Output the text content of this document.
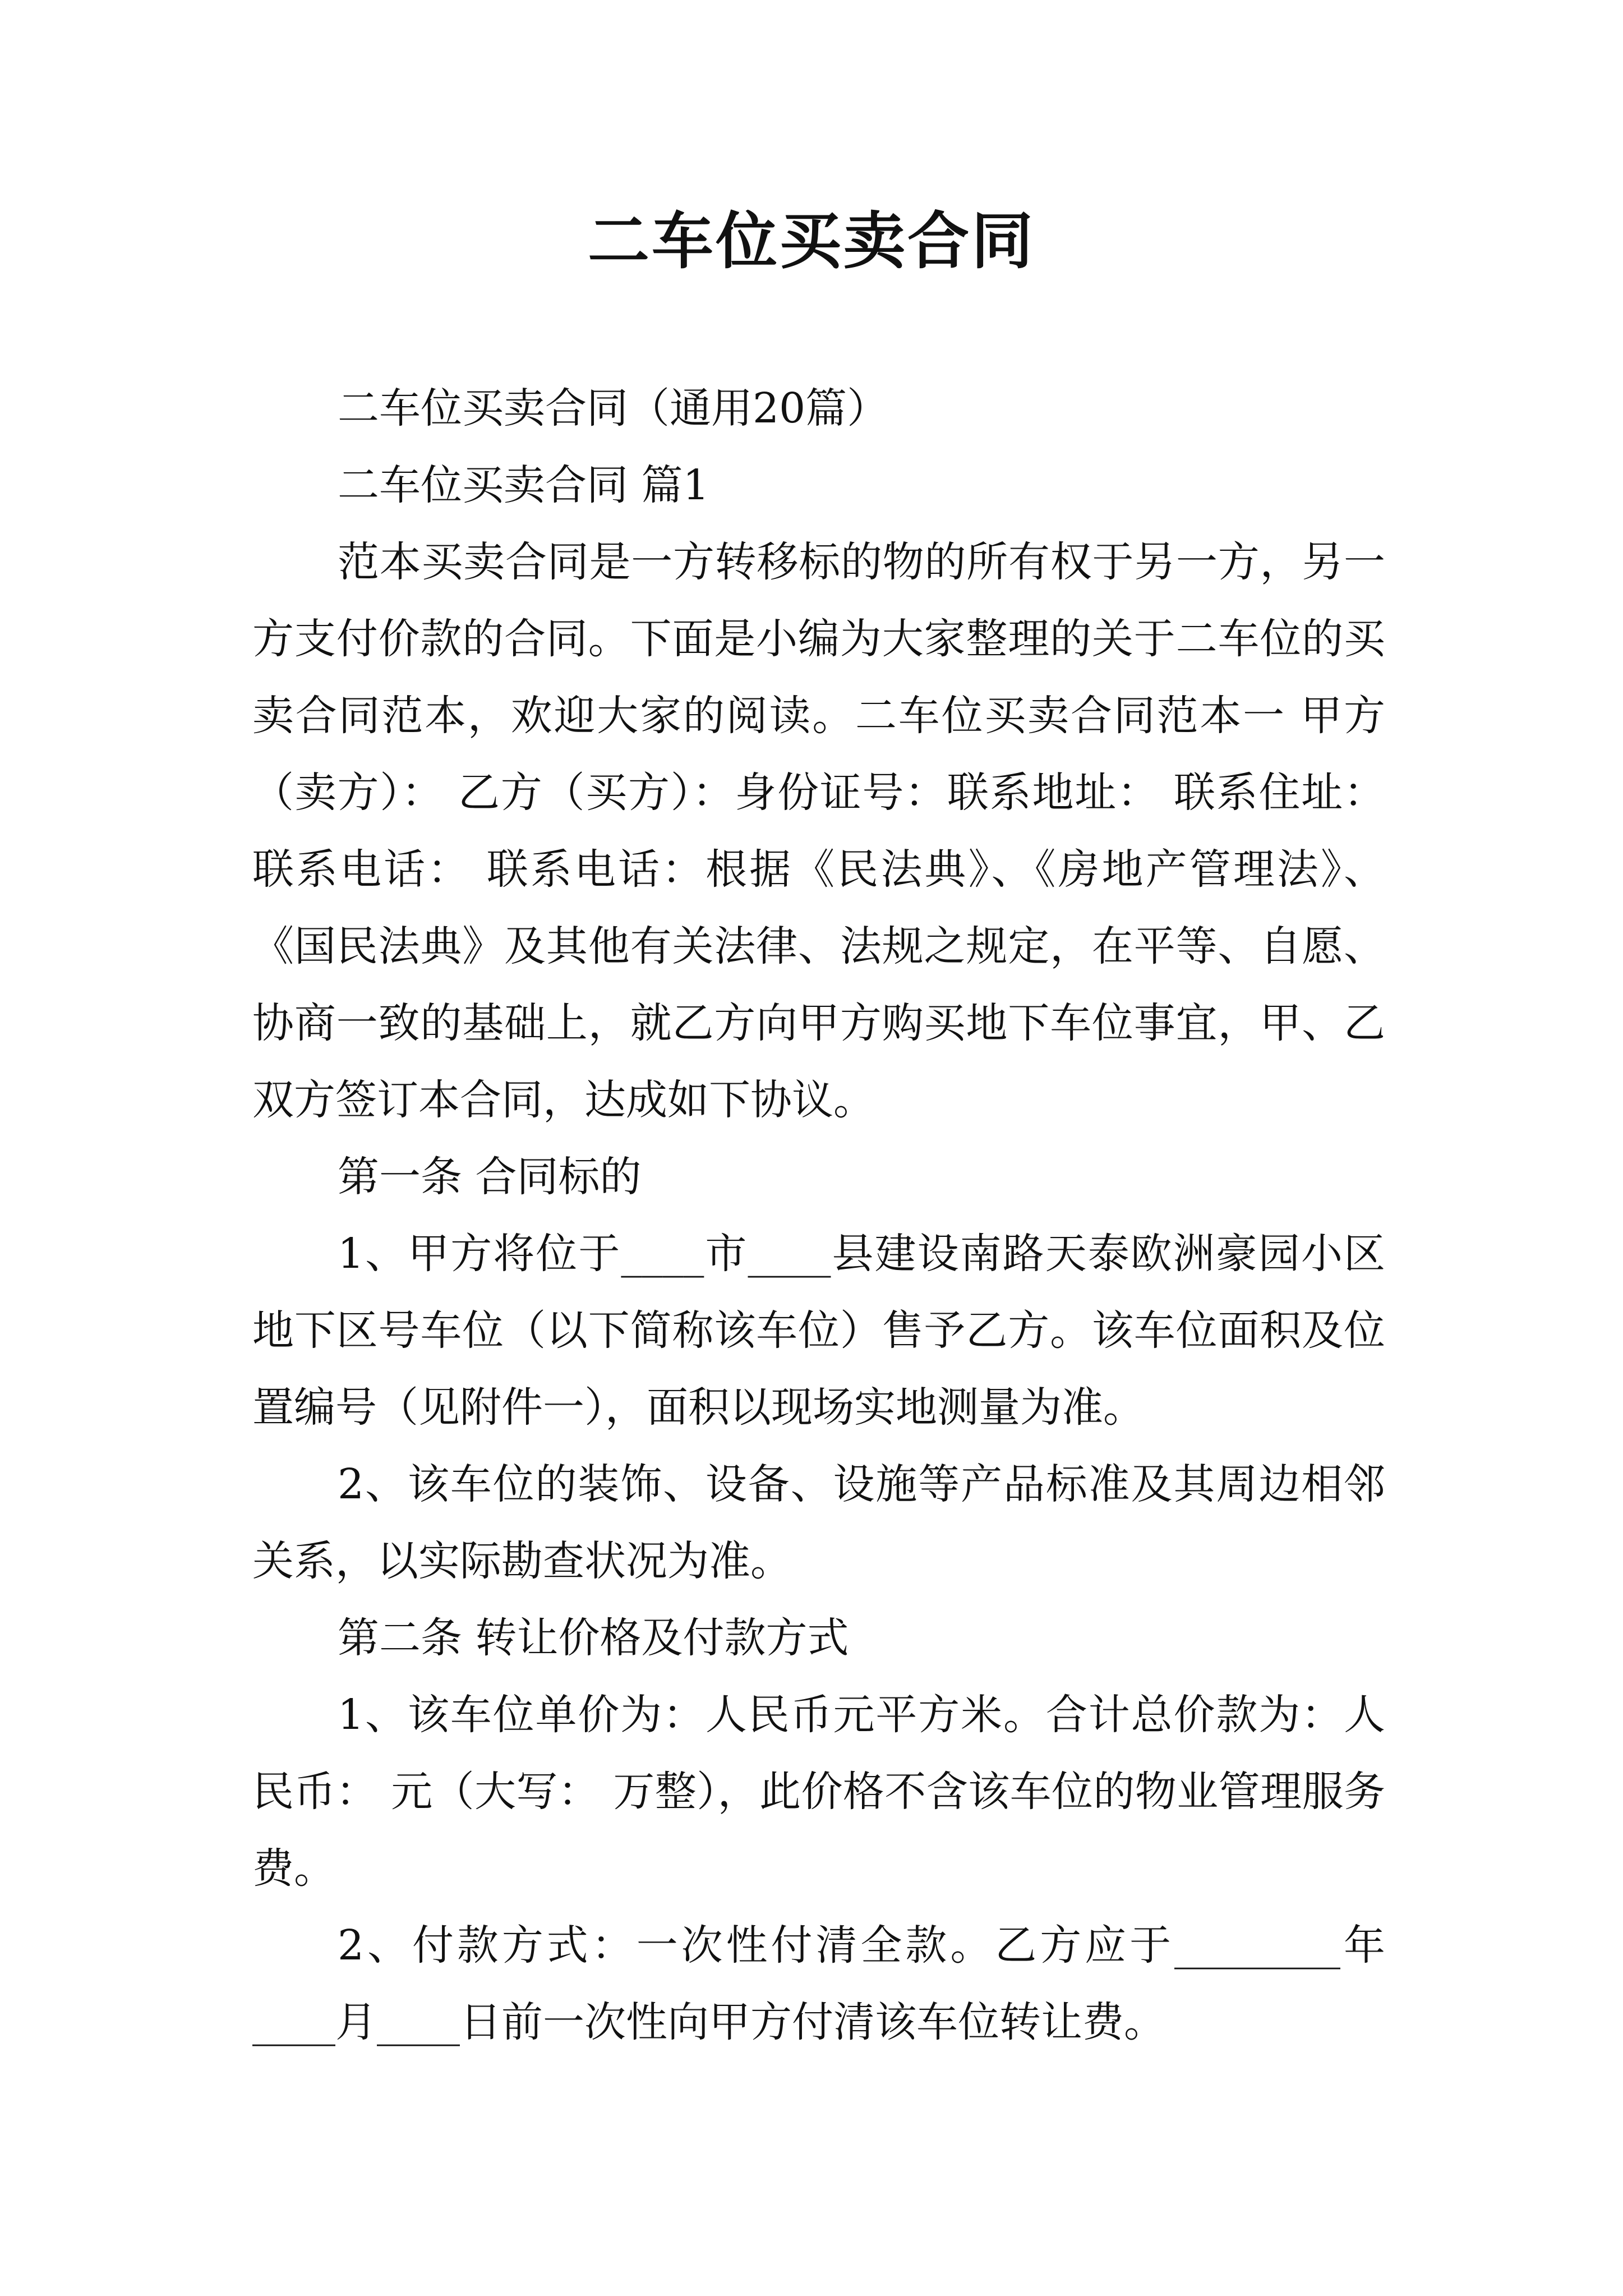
二车位买卖合同

二车位买卖合同（通用20篇）

二车位买卖合同 篇1

范本买卖合同是一方转移标的物的所有权于另一方，另一方支付价款的合同。下面是小编为大家整理的关于二车位的买卖合同范本，欢迎大家的阅读。二车位买卖合同范本一 甲方（卖方）： 乙方（买方）：身份证号：联系地址： 联系住址：联系电话： 联系电话：根据《民法典》、《房地产管理法》、《国民法典》及其他有关法律、法规之规定，在平等、自愿、协商一致的基础上，就乙方向甲方购买地下车位事宜，甲、乙双方签订本合同，达成如下协议。

第一条 合同标的

1、甲方将位于____市____县建设南路天泰欧洲豪园小区地下区号车位（以下简称该车位）售予乙方。该车位面积及位置编号（见附件一），面积以现场实地测量为准。

2、该车位的装饰、设备、设施等产品标准及其周边相邻关系，以实际勘查状况为准。

第二条 转让价格及付款方式

1、该车位单价为：人民币元平方米。合计总价款为：人民币： 元（大写： 万整），此价格不含该车位的物业管理服务费。

2、付款方式：一次性付清全款。乙方应于________年____月____日前一次性向甲方付清该车位转让费。
